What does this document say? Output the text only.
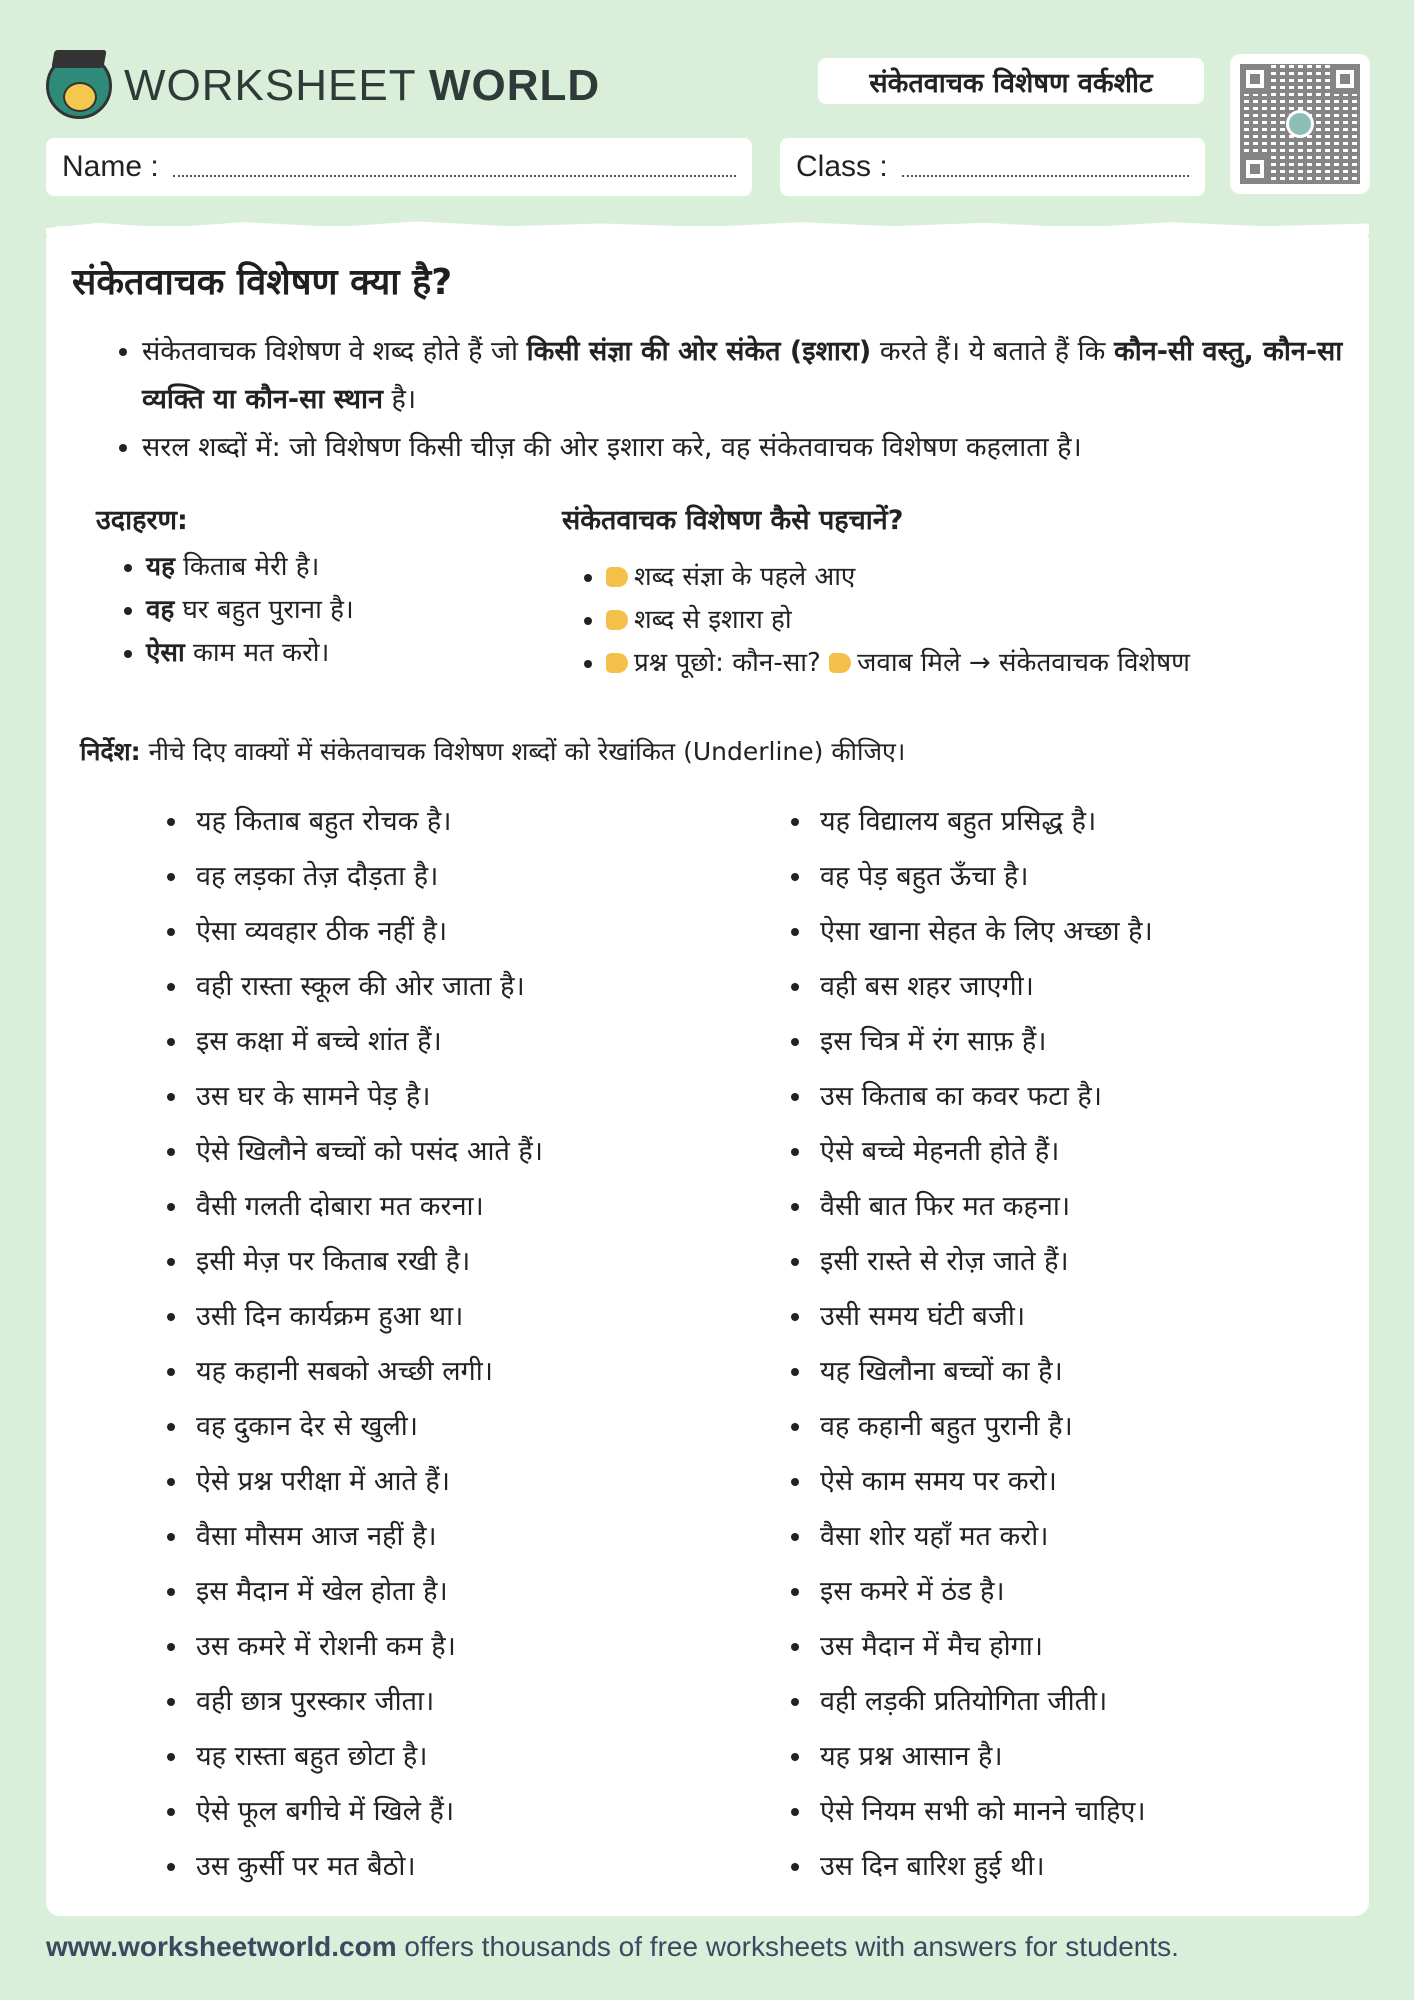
WORKSHEET WORLD	संकेतवाचक विशेषण वर्कशीट
Name :	Class :
संकेतवाचक विशेषण क्या है?
• संकेतवाचक विशेषण वे शब्द होते हैं जो किसी संज्ञा की ओर संकेत (इशारा) करते हैं। ये बताते हैं कि कौन-सी वस्तु, कौन-सा व्यक्ति या कौन-सा स्थान है।
• सरल शब्दों में: जो विशेषण किसी चीज़ की ओर इशारा करे, वह संकेतवाचक विशेषण कहलाता है।
उदाहरण:
• यह किताब मेरी है।
• वह घर बहुत पुराना है।
• ऐसा काम मत करो।
संकेतवाचक विशेषण कैसे पहचानें?
• शब्द संज्ञा के पहले आए
• शब्द से इशारा हो
• प्रश्न पूछो: कौन-सा? जवाब मिले → संकेतवाचक विशेषण
निर्देश: नीचे दिए वाक्यों में संकेतवाचक विशेषण शब्दों को रेखांकित (Underline) कीजिए।
• यह किताब बहुत रोचक है।
• वह लड़का तेज़ दौड़ता है।
• ऐसा व्यवहार ठीक नहीं है।
• वही रास्ता स्कूल की ओर जाता है।
• इस कक्षा में बच्चे शांत हैं।
• उस घर के सामने पेड़ है।
• ऐसे खिलौने बच्चों को पसंद आते हैं।
• वैसी गलती दोबारा मत करना।
• इसी मेज़ पर किताब रखी है।
• उसी दिन कार्यक्रम हुआ था।
• यह कहानी सबको अच्छी लगी।
• वह दुकान देर से खुली।
• ऐसे प्रश्न परीक्षा में आते हैं।
• वैसा मौसम आज नहीं है।
• इस मैदान में खेल होता है।
• उस कमरे में रोशनी कम है।
• वही छात्र पुरस्कार जीता।
• यह रास्ता बहुत छोटा है।
• ऐसे फूल बगीचे में खिले हैं।
• उस कुर्सी पर मत बैठो।
• यह विद्यालय बहुत प्रसिद्ध है।
• वह पेड़ बहुत ऊँचा है।
• ऐसा खाना सेहत के लिए अच्छा है।
• वही बस शहर जाएगी।
• इस चित्र में रंग साफ़ हैं।
• उस किताब का कवर फटा है।
• ऐसे बच्चे मेहनती होते हैं।
• वैसी बात फिर मत कहना।
• इसी रास्ते से रोज़ जाते हैं।
• उसी समय घंटी बजी।
• यह खिलौना बच्चों का है।
• वह कहानी बहुत पुरानी है।
• ऐसे काम समय पर करो।
• वैसा शोर यहाँ मत करो।
• इस कमरे में ठंड है।
• उस मैदान में मैच होगा।
• वही लड़की प्रतियोगिता जीती।
• यह प्रश्न आसान है।
• ऐसे नियम सभी को मानने चाहिए।
• उस दिन बारिश हुई थी।
www.worksheetworld.com offers thousands of free worksheets with answers for students.
